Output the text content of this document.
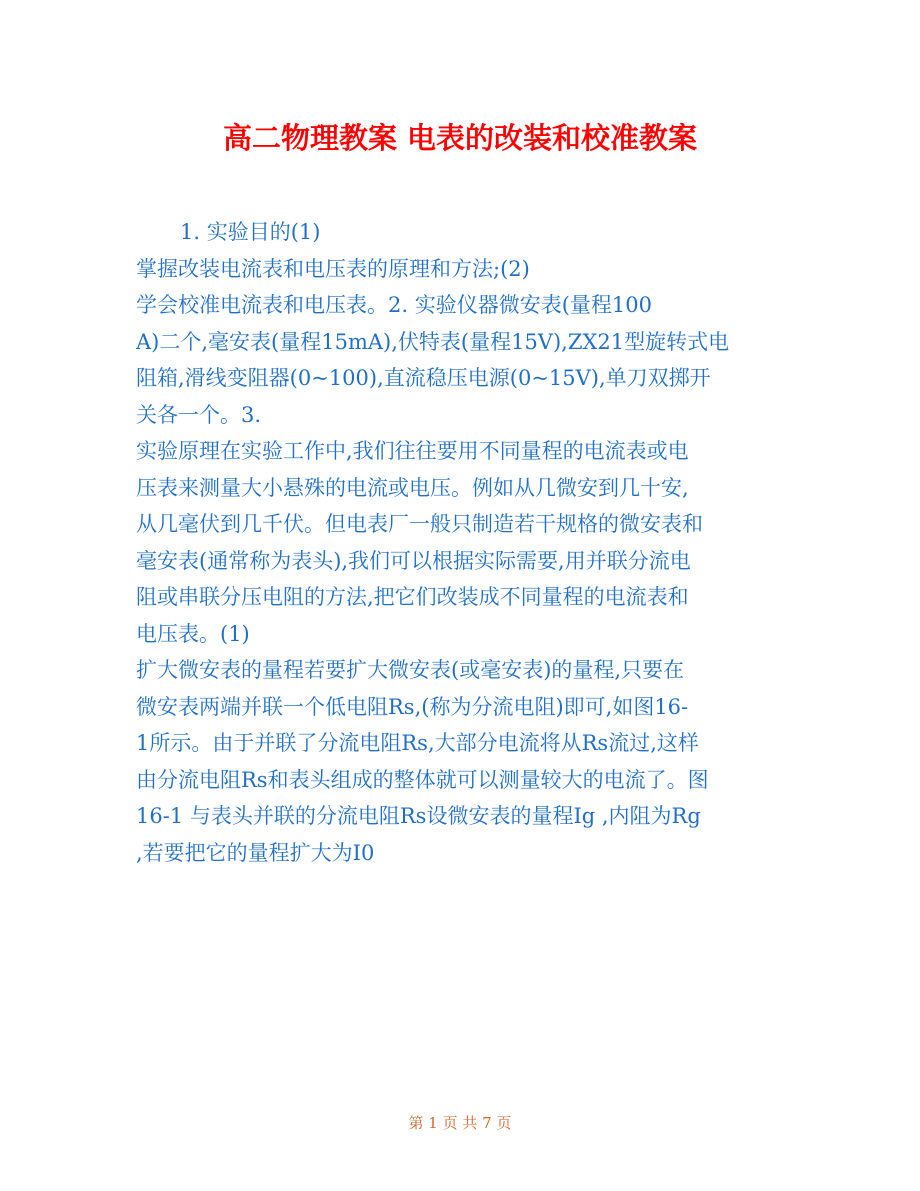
高二物理教案 电表的改装和校准教案
1. 实验目的(1)
掌握改装电流表和电压表的原理和方法;(2)
学会校准电流表和电压表。2. 实验仪器微安表(量程100
A)二个,毫安表(量程15mA),伏特表(量程15V),ZX21型旋转式电
阻箱,滑线变阻器(0~100),直流稳压电源(0~15V),单刀双掷开
关各一个。3.
实验原理在实验工作中,我们往往要用不同量程的电流表或电
压表来测量大小悬殊的电流或电压。例如从几微安到几十安,
从几毫伏到几千伏。但电表厂一般只制造若干规格的微安表和
毫安表(通常称为表头),我们可以根据实际需要,用并联分流电
阻或串联分压电阻的方法,把它们改装成不同量程的电流表和
电压表。(1)
扩大微安表的量程若要扩大微安表(或毫安表)的量程,只要在
微安表两端并联一个低电阻Rs,(称为分流电阻)即可,如图16-
1所示。由于并联了分流电阻Rs,大部分电流将从Rs流过,这样
由分流电阻Rs和表头组成的整体就可以测量较大的电流了。图
16-1 与表头并联的分流电阻Rs设微安表的量程Ig ,内阻为Rg
,若要把它的量程扩大为I0
第 1 页 共 7 页
